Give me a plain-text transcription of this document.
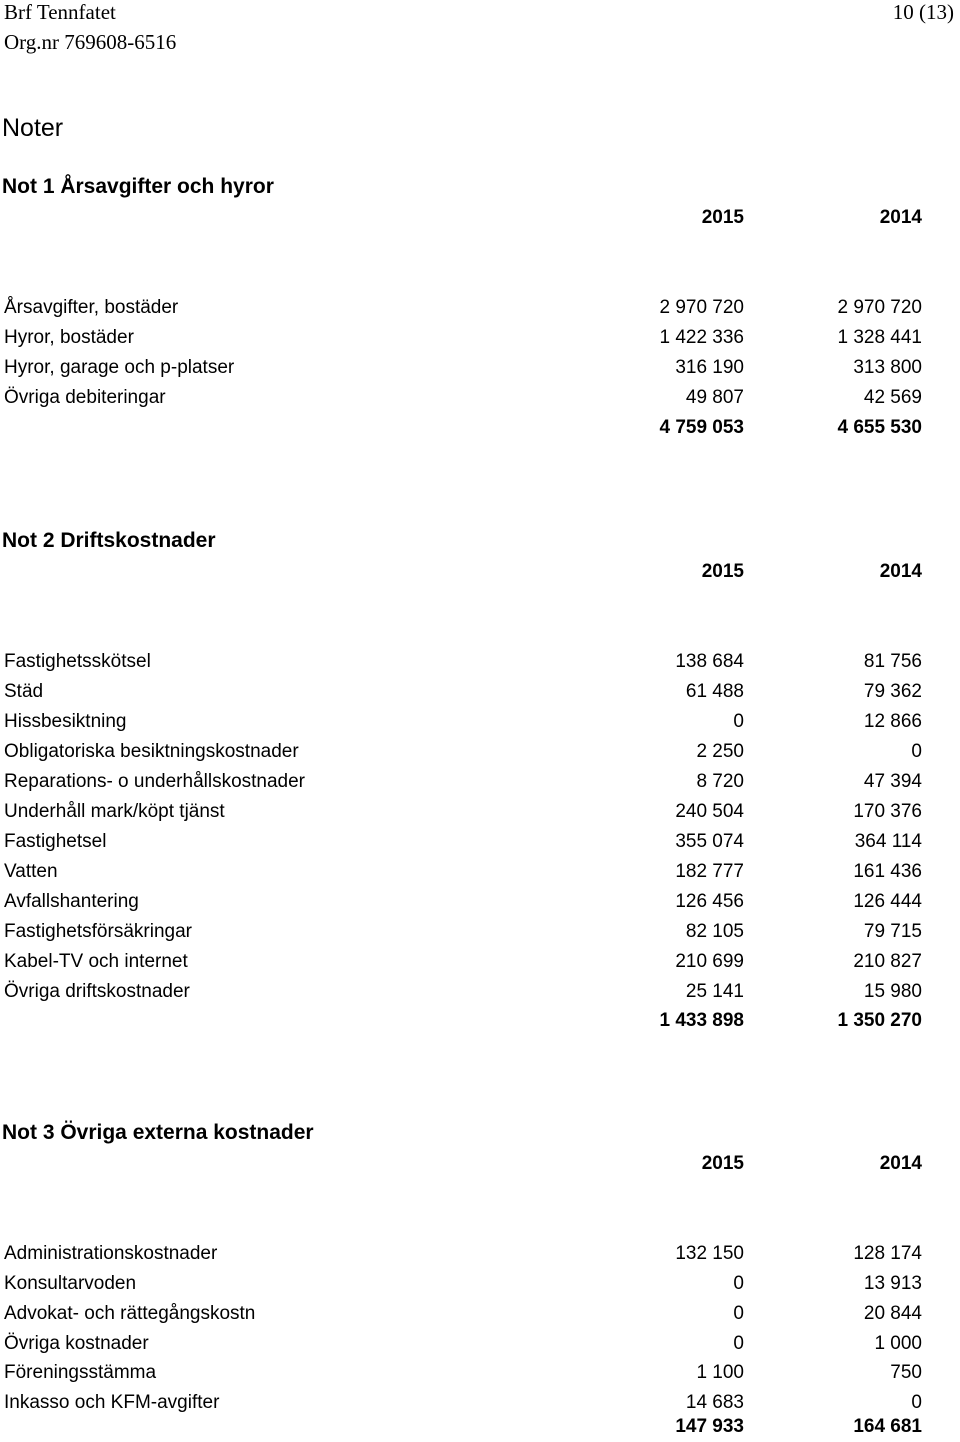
Brf Tennfatet
Org.nr 769608-6516
10 (13)
Noter
Not 1 Årsavgifter och hyror
2015	2014
Årsavgifter, bostäder	2 970 720	2 970 720
Hyror, bostäder	1 422 336	1 328 441
Hyror, garage och p-platser	316 190	313 800
Övriga debiteringar	49 807	42 569
4 759 053	4 655 530
Not 2 Driftskostnader
2015	2014
Fastighetsskötsel	138 684	81 756
Städ	61 488	79 362
Hissbesiktning	0	12 866
Obligatoriska besiktningskostnader	2 250	0
Reparations- o underhållskostnader	8 720	47 394
Underhåll mark/köpt tjänst	240 504	170 376
Fastighetsel	355 074	364 114
Vatten	182 777	161 436
Avfallshantering	126 456	126 444
Fastighetsförsäkringar	82 105	79 715
Kabel-TV och internet	210 699	210 827
Övriga driftskostnader	25 141	15 980
1 433 898	1 350 270
Not 3 Övriga externa kostnader
2015	2014
Administrationskostnader	132 150	128 174
Konsultarvoden	0	13 913
Advokat- och rättegångskostn	0	20 844
Övriga kostnader	0	1 000
Föreningsstämma	1 100	750
Inkasso och KFM-avgifter	14 683	0
147 933	164 681
